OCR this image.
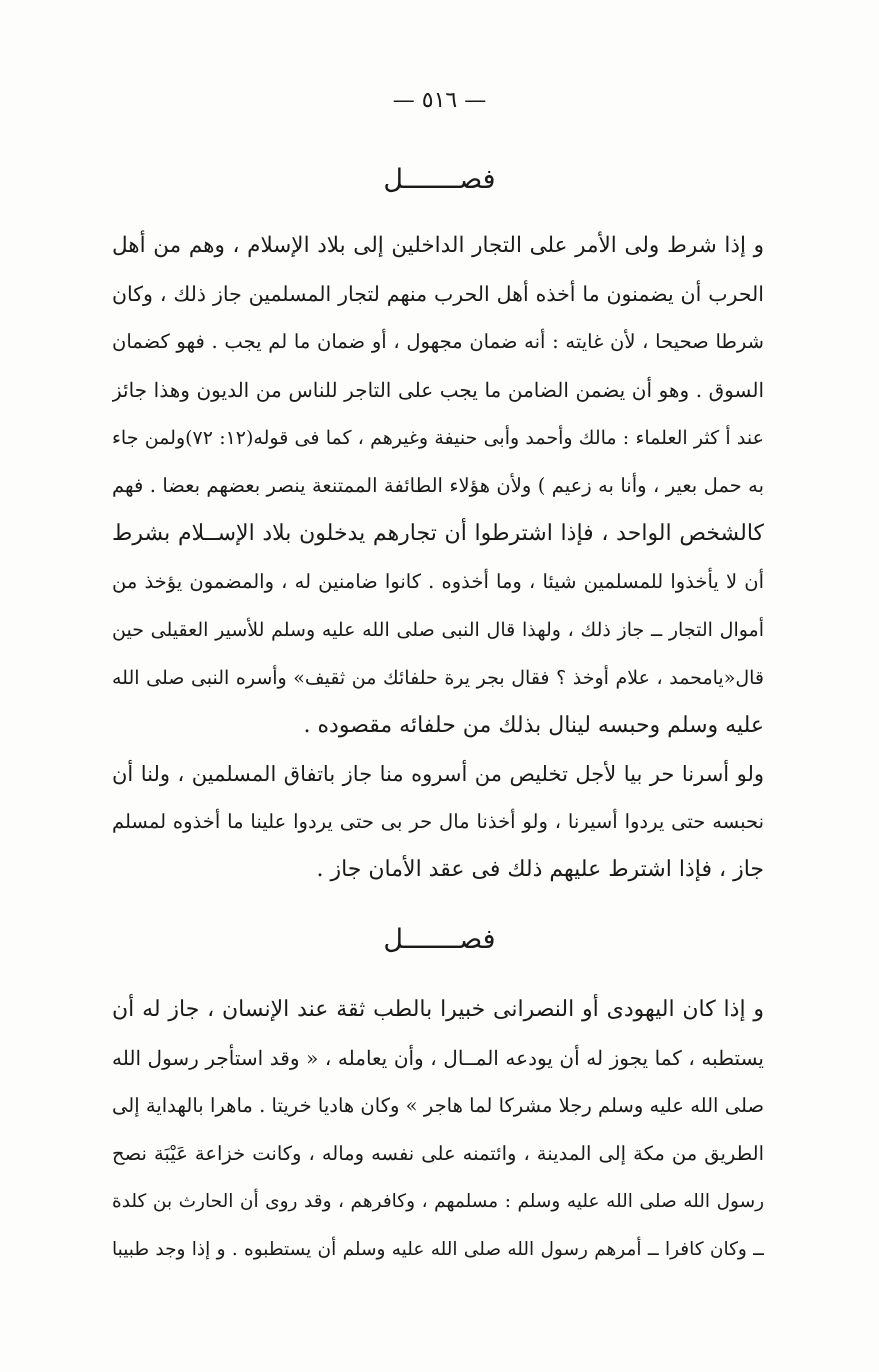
— ٥١٦ —
فصـــــــل
و إذا شرط ولى الأمر على التجار الداخلين إلى بلاد الإسلام ، وهم من أهل
الحرب أن يضمنون ما أخذه أهل الحرب منهم لتجار المسلمين جاز ذلك ، وكان
شرطا صحيحا ، لأن غايته : أنه ضمان مجهول ، أو ضمان ما لم يجب . فهو كضمان
السوق . وهو أن يضمن الضامن ما يجب على التاجر للناس من الديون وهذا جائز
عند أ كثر العلماء : مالك وأحمد وأبى حنيفة وغيرهم ، كما فى قوله(١٢: ٧٢)ولمن جاء
به حمل بعير ، وأنا به زعيم ) ولأن هؤلاء الطائفة الممتنعة ينصر بعضهم بعضا . فهم
كالشخص الواحد ، فإذا اشترطوا أن تجارهم يدخلون بلاد الإســلام بشرط
أن لا يأخذوا للمسلمين شيئا ، وما أخذوه . كانوا ضامنين له ، والمضمون يؤخذ من
أموال التجار ــ جاز ذلك ، ولهذا قال النبى صلى الله عليه وسلم للأسير العقيلى حين
قال«يامحمد ، علام أوخذ ؟ فقال بجر يرة حلفائك من ثقيف» وأسره النبى صلى الله
عليه وسلم وحبسه لينال بذلك من حلفائه مقصوده .
ولو أسرنا حر بيا لأجل تخليص من أسروه منا جاز باتفاق المسلمين ، ولنا أن
نحبسه حتى يردوا أسيرنا ، ولو أخذنا مال حر بى حتى يردوا علينا ما أخذوه لمسلم
جاز ، فإذا اشترط عليهم ذلك فى عقد الأمان جاز .
فصـــــــل
و إذا كان اليهودى أو النصرانى خبيرا بالطب ثقة عند الإنسان ، جاز له أن
يستطبه ، كما يجوز له أن يودعه المــال ، وأن يعامله ، « وقد استأجر رسول الله
صلى الله عليه وسلم رجلا مشركا لما هاجر » وكان هاديا خريتا . ماهرا بالهداية إلى
الطريق من مكة إلى المدينة ، وائتمنه على نفسه وماله ، وكانت خزاعة عَيْبَة نصح
رسول الله صلى الله عليه وسلم : مسلمهم ، وكافرهم ، وقد روى أن الحارث بن كلدة
ــ وكان كافرا ــ أمرهم رسول الله صلى الله عليه وسلم أن يستطبوه . و إذا وجد طبيبا
